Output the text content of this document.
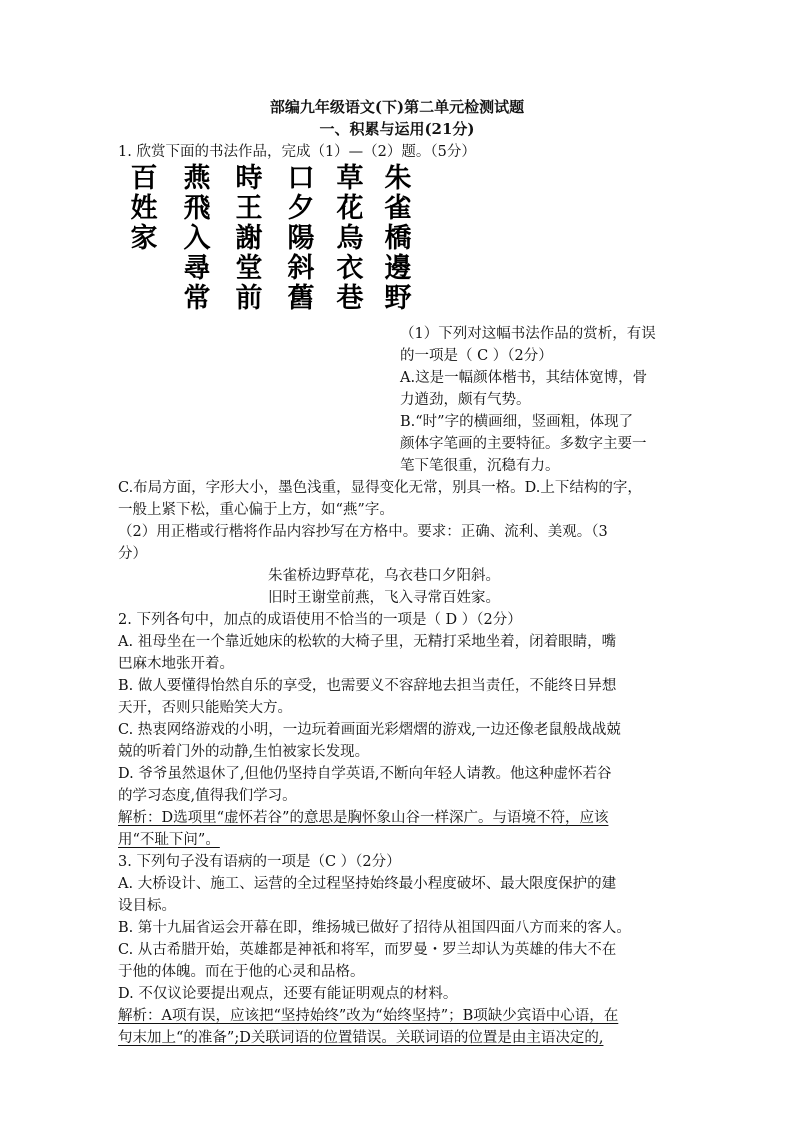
部编九年级语文(下)第二单元检测试题
一、积累与运用(21分)
1. 欣赏下面的书法作品，完成（1）—（2）题。（5分）
朱
雀
橋
邊
野
草
花
烏
衣
巷
口
夕
陽
斜
舊
時
王
謝
堂
前
燕
飛
入
尋
常
百
姓
家
（1）下列对这幅书法作品的赏析，有误
的一项是（ C ）（2分）
A.这是一幅颜体楷书，其结体宽博，骨
力遒劲，颇有气势。
B.“时”字的横画细，竖画粗，体现了
颜体字笔画的主要特征。多数字主要一
笔下笔很重，沉稳有力。
C.布局方面，字形大小，墨色浅重，显得变化无常，别具一格。D.上下结构的字，
一般上紧下松，重心偏于上方，如“燕”字。
（2）用正楷或行楷将作品内容抄写在方格中。要求：正确、流利、美观。（3
分）
朱雀桥边野草花，乌衣巷口夕阳斜。
旧时王谢堂前燕，飞入寻常百姓家。
2. 下列各句中，加点的成语使用不恰当的一项是（ D ）（2分）
A. 祖母坐在一个靠近她床的松软的大椅子里，无精打采地坐着，闭着眼睛，嘴
巴麻木地张开着。
B. 做人要懂得怡然自乐的享受，也需要义不容辞地去担当责任，不能终日异想
天开，否则只能贻笑大方。
C. 热衷网络游戏的小明，一边玩着画面光彩熠熠的游戏,一边还像老鼠般战战兢
兢的听着门外的动静,生怕被家长发现。
D. 爷爷虽然退休了,但他仍坚持自学英语,不断向年轻人请教。他这种虚怀若谷
的学习态度,值得我们学习。
解析：D选项里“虚怀若谷”的意思是胸怀象山谷一样深广。与语境不符，应该
用“不耻下问”。
3. 下列句子没有语病的一项是（C ）（2分）
A. 大桥设计、施工、运营的全过程坚持始终最小程度破坏、最大限度保护的建
设目标。
B. 第十九届省运会开幕在即，维扬城已做好了招待从祖国四面八方而来的客人。
C. 从古希腊开始，英雄都是神祇和将军，而罗曼・罗兰却认为英雄的伟大不在
于他的体魄。而在于他的心灵和品格。
D. 不仅议论要提出观点，还要有能证明观点的材料。
解析：A项有误，应该把“坚持始终”改为“始终坚持”；B项缺少宾语中心语，在
句末加上“的准备”;D关联词语的位置错误。关联词语的位置是由主语决定的,
